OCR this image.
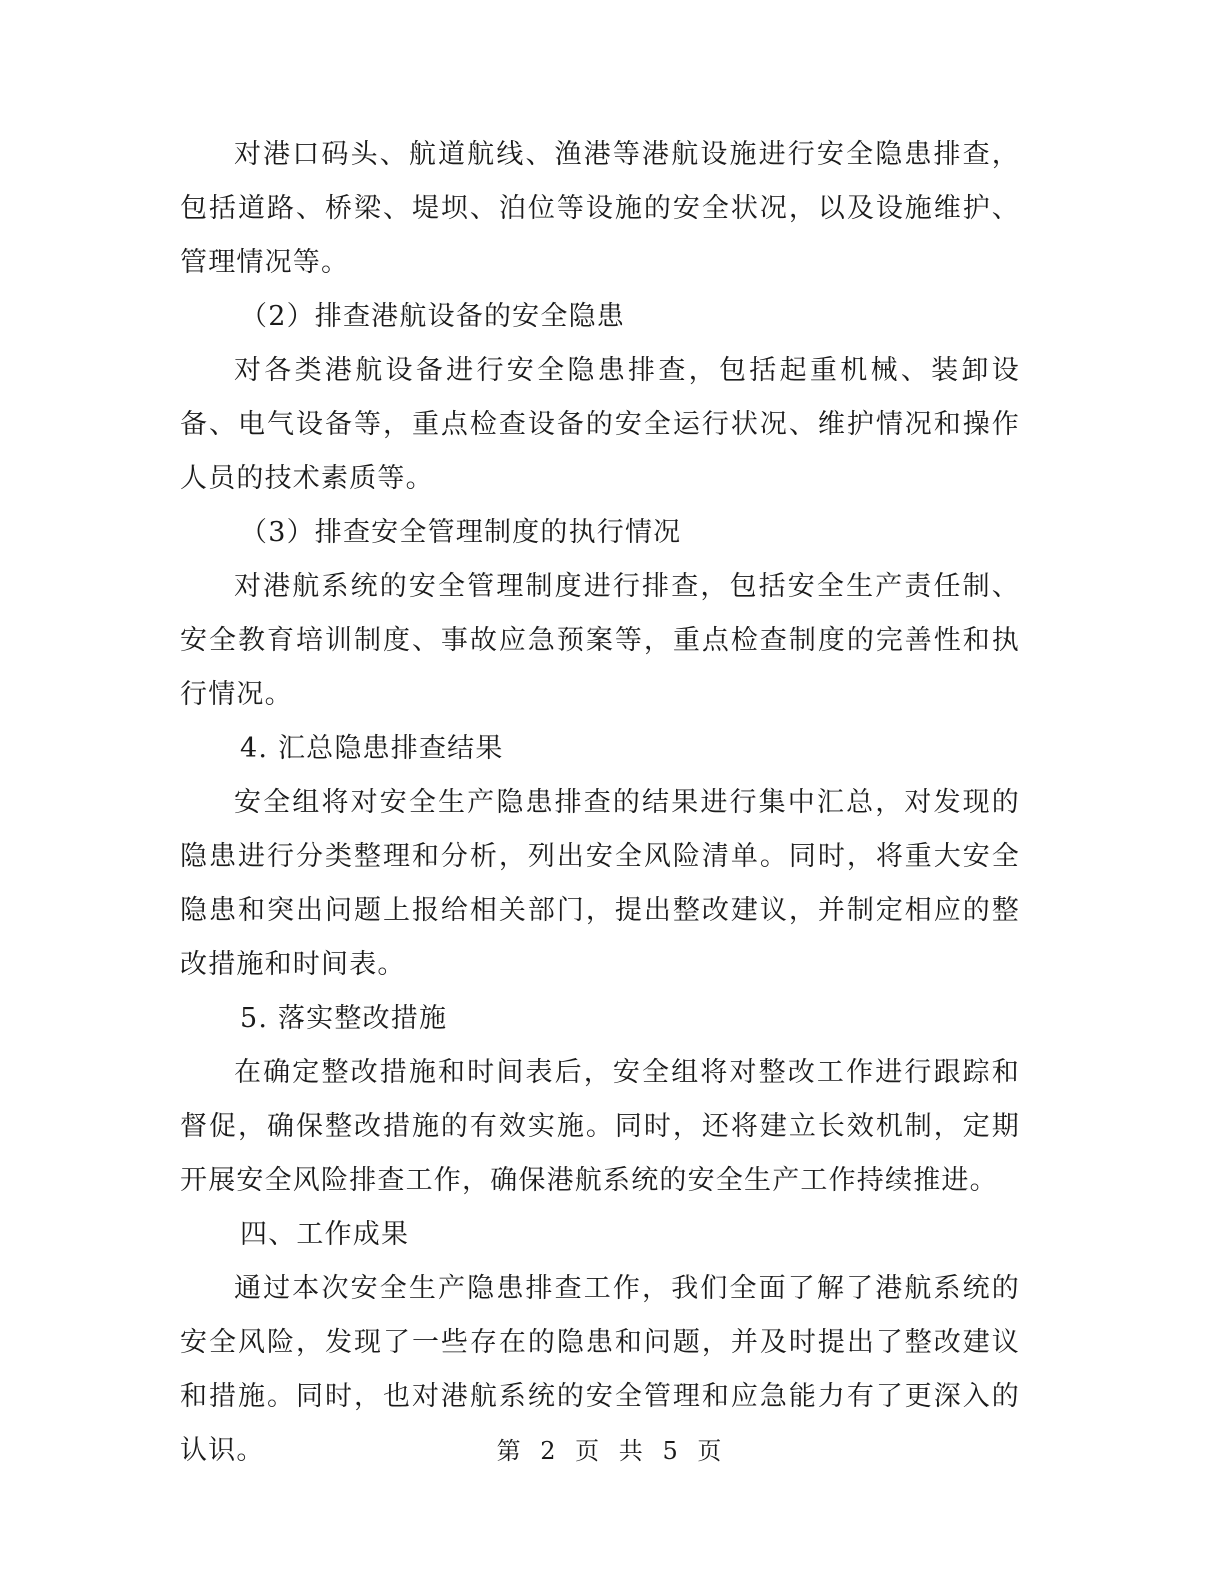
对港口码头、航道航线、渔港等港航设施进行安全隐患排查，包括道路、桥梁、堤坝、泊位等设施的安全状况，以及设施维护、管理情况等。

（2）排查港航设备的安全隐患

对各类港航设备进行安全隐患排查，包括起重机械、装卸设备、电气设备等，重点检查设备的安全运行状况、维护情况和操作人员的技术素质等。

（3）排查安全管理制度的执行情况

对港航系统的安全管理制度进行排查，包括安全生产责任制、安全教育培训制度、事故应急预案等，重点检查制度的完善性和执行情况。

4. 汇总隐患排查结果

安全组将对安全生产隐患排查的结果进行集中汇总，对发现的隐患进行分类整理和分析，列出安全风险清单。同时，将重大安全隐患和突出问题上报给相关部门，提出整改建议，并制定相应的整改措施和时间表。

5. 落实整改措施

在确定整改措施和时间表后，安全组将对整改工作进行跟踪和督促，确保整改措施的有效实施。同时，还将建立长效机制，定期开展安全风险排查工作，确保港航系统的安全生产工作持续推进。

四、工作成果

通过本次安全生产隐患排查工作，我们全面了解了港航系统的安全风险，发现了一些存在的隐患和问题，并及时提出了整改建议和措施。同时，也对港航系统的安全管理和应急能力有了更深入的认识。	第 2 页 共 5 页
